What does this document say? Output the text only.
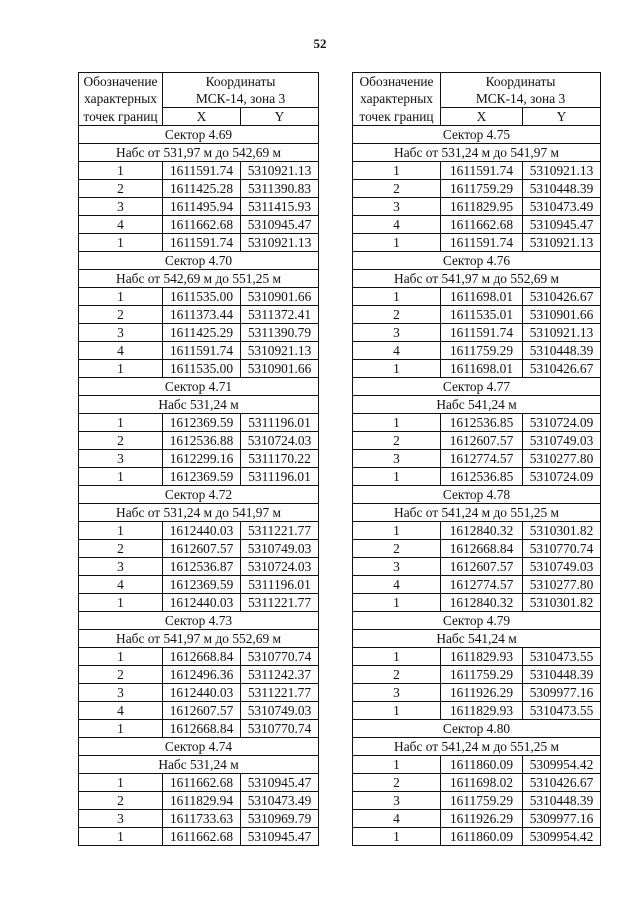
52
Обозначение	Координаты	
характерных	МСК-14, зона 3	
точек границ	X	Y
Сектор 4.69		
Набс от 531,97 м до 542,69 м		
1	1611591.74	5310921.13
2	1611425.28	5311390.83
3	1611495.94	5311415.93
4	1611662.68	5310945.47
1	1611591.74	5310921.13
Сектор 4.70		
Набс от 542,69 м до 551,25 м		
1	1611535.00	5310901.66
2	1611373.44	5311372.41
3	1611425.29	5311390.79
4	1611591.74	5310921.13
1	1611535.00	5310901.66
Сектор 4.71		
Набс 531,24 м		
1	1612369.59	5311196.01
2	1612536.88	5310724.03
3	1612299.16	5311170.22
1	1612369.59	5311196.01
Сектор 4.72		
Набс от 531,24 м до 541,97 м		
1	1612440.03	5311221.77
2	1612607.57	5310749.03
3	1612536.87	5310724.03
4	1612369.59	5311196.01
1	1612440.03	5311221.77
Сектор 4.73		
Набс от 541,97 м до 552,69 м		
1	1612668.84	5310770.74
2	1612496.36	5311242.37
3	1612440.03	5311221.77
4	1612607.57	5310749.03
1	1612668.84	5310770.74
Сектор 4.74		
Набс 531,24 м		
1	1611662.68	5310945.47
2	1611829.94	5310473.49
3	1611733.63	5310969.79
1	1611662.68	5310945.47
Обозначение	Координаты	
характерных	МСК-14, зона 3	
точек границ	X	Y
Сектор 4.75		
Набс от 531,24 м до 541,97 м		
1	1611591.74	5310921.13
2	1611759.29	5310448.39
3	1611829.95	5310473.49
4	1611662.68	5310945.47
1	1611591.74	5310921.13
Сектор 4.76		
Набс от 541,97 м до 552,69 м		
1	1611698.01	5310426.67
2	1611535.01	5310901.66
3	1611591.74	5310921.13
4	1611759.29	5310448.39
1	1611698.01	5310426.67
Сектор 4.77		
Набс 541,24 м		
1	1612536.85	5310724.09
2	1612607.57	5310749.03
3	1612774.57	5310277.80
1	1612536.85	5310724.09
Сектор 4.78		
Набс от 541,24 м до 551,25 м		
1	1612840.32	5310301.82
2	1612668.84	5310770.74
3	1612607.57	5310749.03
4	1612774.57	5310277.80
1	1612840.32	5310301.82
Сектор 4.79		
Набс 541,24 м		
1	1611829.93	5310473.55
2	1611759.29	5310448.39
3	1611926.29	5309977.16
1	1611829.93	5310473.55
Сектор 4.80		
Набс от 541,24 м до 551,25 м		
1	1611860.09	5309954.42
2	1611698.02	5310426.67
3	1611759.29	5310448.39
4	1611926.29	5309977.16
1	1611860.09	5309954.42
